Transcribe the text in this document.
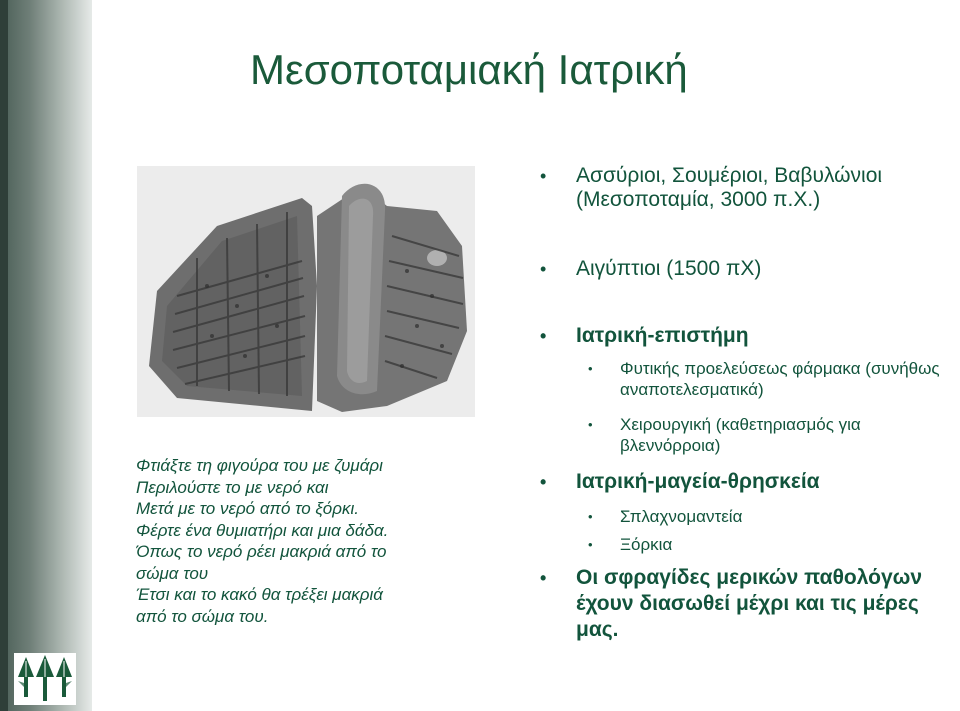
Μεσοποταμιακή Ιατρική
Φτιάξτε τη φιγούρα του με ζυμάρι
Περιλούστε το με νερό και
Μετά με το νερό από το ξόρκι.
Φέρτε ένα θυμιατήρι και μια δάδα.
Όπως το νερό ρέει μακριά από το
σώμα του
Έτσι και το κακό θα τρέξει μακριά
από το σώμα του.
• Ασσύριοι, Σουμέριοι, Βαβυλώνιοι (Μεσοποταμία, 3000 π.Χ.)
• Αιγύπτιοι (1500 πΧ)
• Ιατρική-επιστήμη
• Φυτικής προελεύσεως φάρμακα (συνήθως αναποτελεσματικά)
• Χειρουργική (καθετηριασμός για βλεννόρροια)
• Ιατρική-μαγεία-θρησκεία
• Σπλαχνομαντεία
• Ξόρκια
• Οι σφραγίδες μερικών παθολόγων έχουν διασωθεί μέχρι και τις μέρες μας.
